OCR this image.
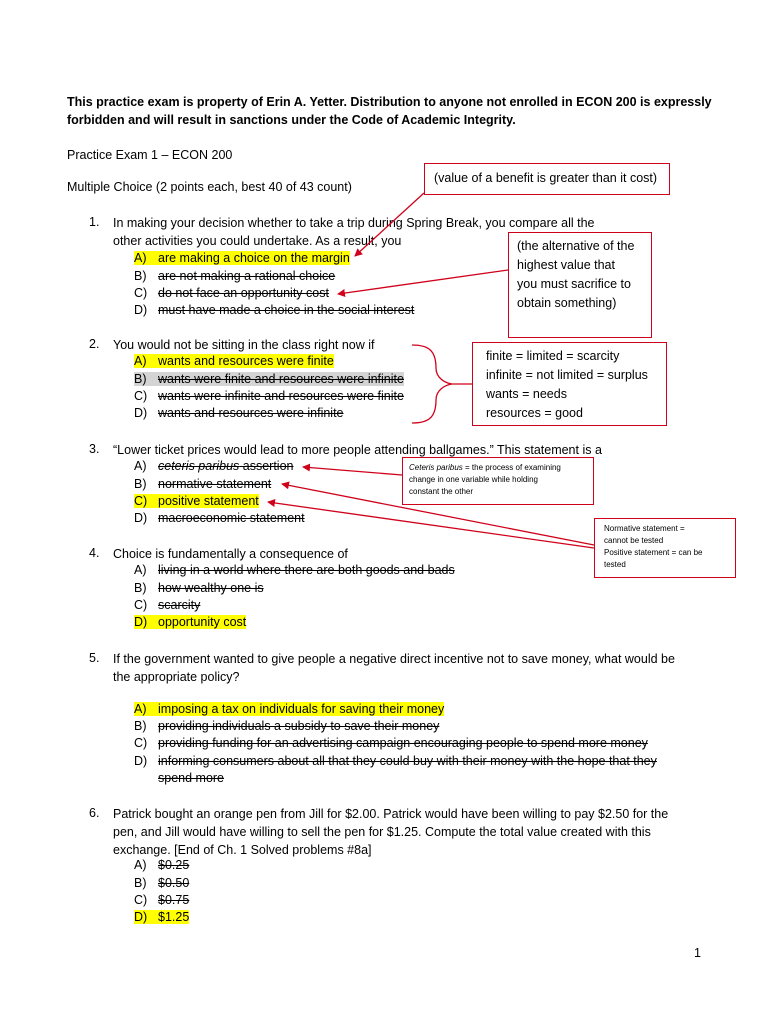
This practice exam is property of Erin A. Yetter. Distribution to anyone not enrolled in ECON 200 is expressly
forbidden and will result in sanctions under the Code of Academic Integrity.
Practice Exam 1 – ECON 200
Multiple Choice (2 points each, best 40 of 43 count)
1. In making your decision whether to take a trip during Spring Break, you compare all the
other activities you could undertake. As a result, you
A) are making a choice on the margin
B) are not making a rational choice
C) do not face an opportunity cost
D) must have made a choice in the social interest
2. You would not be sitting in the class right now if
A) wants and resources were finite
B) wants were finite and resources were infinite
C) wants were infinite and resources were finite
D) wants and resources were infinite
3. “Lower ticket prices would lead to more people attending ballgames.” This statement is a
A) ceteris paribus assertion
B) normative statement
C) positive statement
D) macroeconomic statement
4. Choice is fundamentally a consequence of
A) living in a world where there are both goods and bads
B) how wealthy one is
C) scarcity
D) opportunity cost
5. If the government wanted to give people a negative direct incentive not to save money, what would be
the appropriate policy?
A) imposing a tax on individuals for saving their money
B) providing individuals a subsidy to save their money
C) providing funding for an advertising campaign encouraging people to spend more money
D) informing consumers about all that they could buy with their money with the hope that they
spend more
6. Patrick bought an orange pen from Jill for $2.00. Patrick would have been willing to pay $2.50 for the
pen, and Jill would have willing to sell the pen for $1.25. Compute the total value created with this
exchange. [End of Ch. 1 Solved problems #8a]
A) $0.25
B) $0.50
C) $0.75
D) $1.25
(value of a benefit is greater than it cost)
(the alternative of the
highest value that
you must sacrifice to
obtain something)
finite = limited = scarcity
infinite = not limited = surplus
wants = needs
resources = good
Ceteris paribus = the process of examining
change in one variable while holding
constant the other
Normative statement =
cannot be tested
Positive statement = can be
tested
1
